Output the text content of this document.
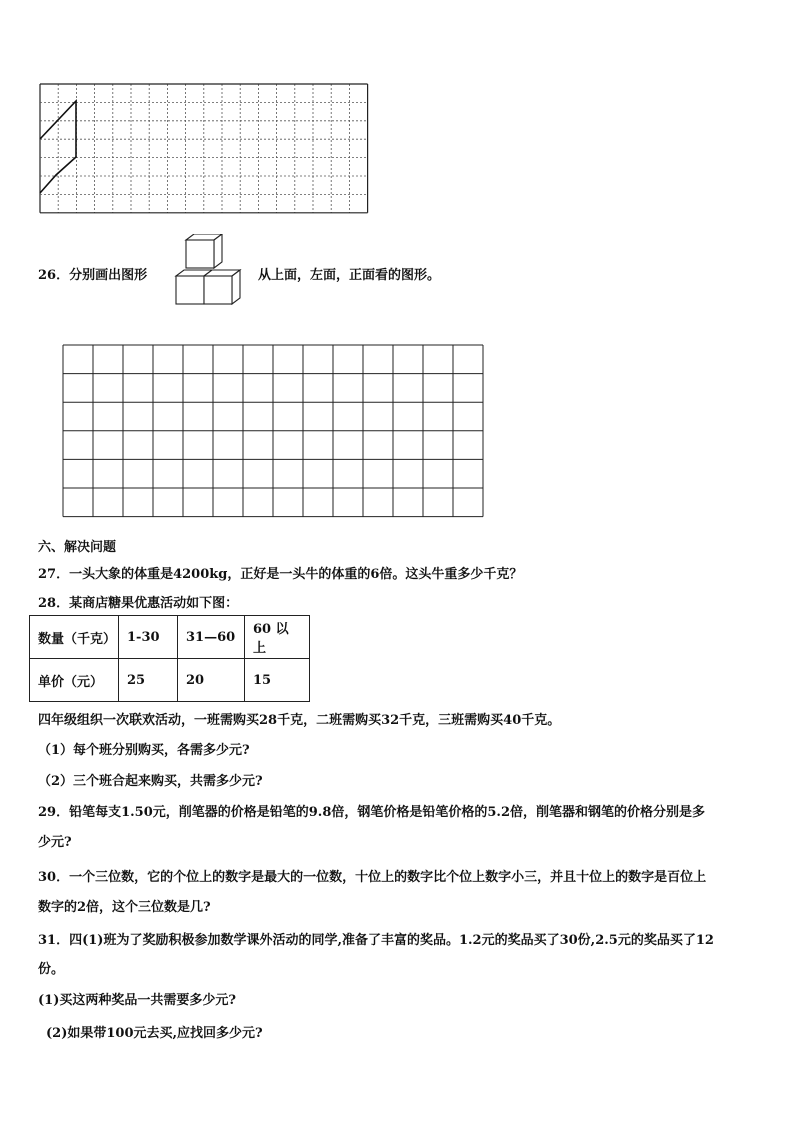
26．分别画出图形	从上面，左面，正面看的图形。
六、解决问题
27．一头大象的体重是4200kg，正好是一头牛的体重的6倍。这头牛重多少千克？
28．某商店糖果优惠活动如下图：
数量（千克）	1-30	31—60	60 以上
单价（元）	25	20	15
四年级组织一次联欢活动，一班需购买28千克，二班需购买32千克，三班需购买40千克。
（1）每个班分别购买，各需多少元?
（2）三个班合起来购买，共需多少元?
29．铅笔每支1.50元，削笔器的价格是铅笔的9.8倍，钢笔价格是铅笔价格的5.2倍，削笔器和钢笔的价格分别是多
少元?
30．一个三位数，它的个位上的数字是最大的一位数，十位上的数字比个位上数字小三，并且十位上的数字是百位上
数字的2倍，这个三位数是几?
31．四(1)班为了奖励积极参加数学课外活动的同学,准备了丰富的奖品。1.2元的奖品买了30份,2.5元的奖品买了12
份。
(1)买这两种奖品一共需要多少元?
(2)如果带100元去买,应找回多少元?
